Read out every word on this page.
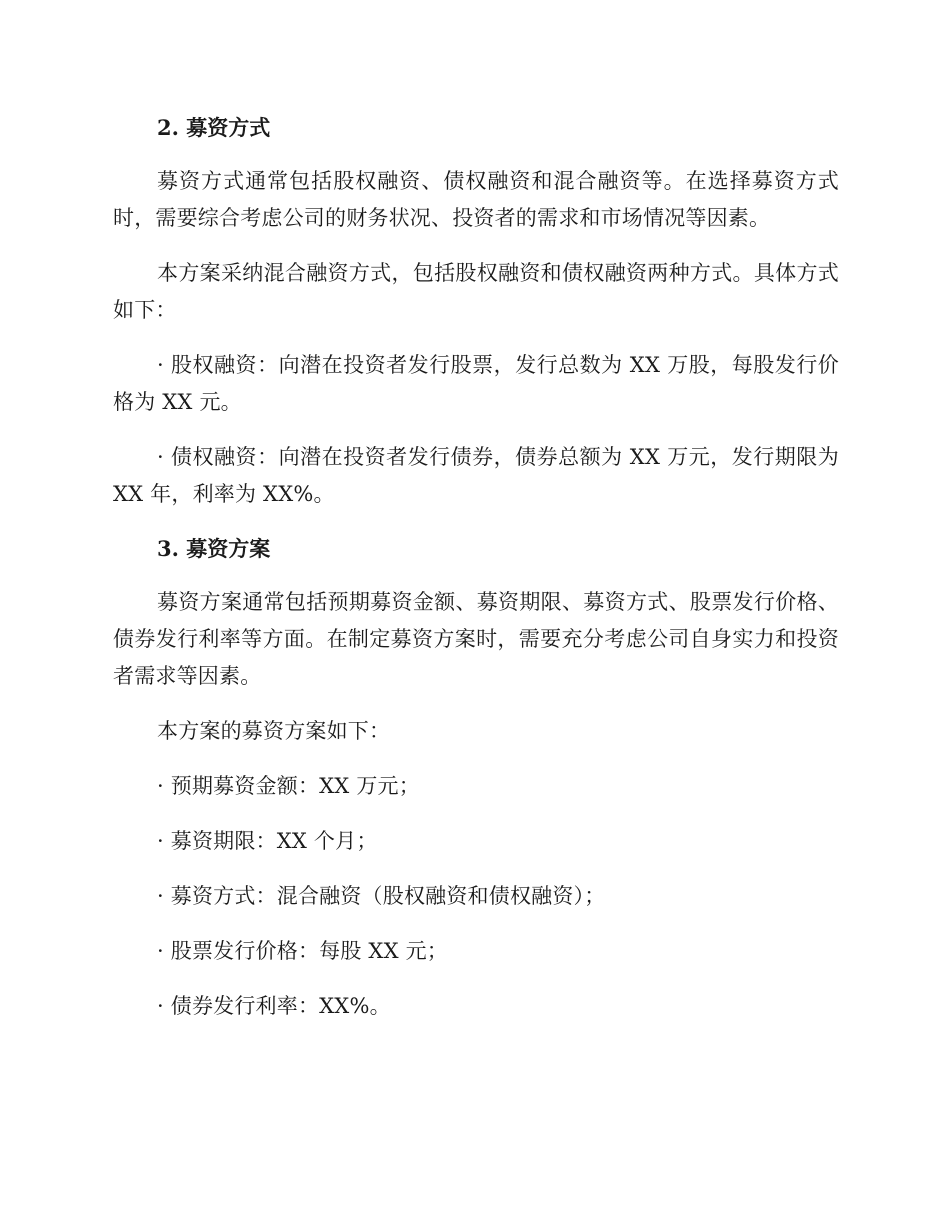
2. 募资方式

募资方式通常包括股权融资、债权融资和混合融资等。在选择募资方式时，需要综合考虑公司的财务状况、投资者的需求和市场情况等因素。

本方案采纳混合融资方式，包括股权融资和债权融资两种方式。具体方式如下：

· 股权融资：向潜在投资者发行股票，发行总数为 XX 万股，每股发行价格为 XX 元。

· 债权融资：向潜在投资者发行债券，债券总额为 XX 万元，发行期限为 XX 年，利率为 XX%。

3. 募资方案

募资方案通常包括预期募资金额、募资期限、募资方式、股票发行价格、债券发行利率等方面。在制定募资方案时，需要充分考虑公司自身实力和投资者需求等因素。

本方案的募资方案如下：

· 预期募资金额：XX 万元；

· 募资期限：XX 个月；

· 募资方式：混合融资（股权融资和债权融资）；

· 股票发行价格：每股 XX 元；

· 债券发行利率：XX%。
